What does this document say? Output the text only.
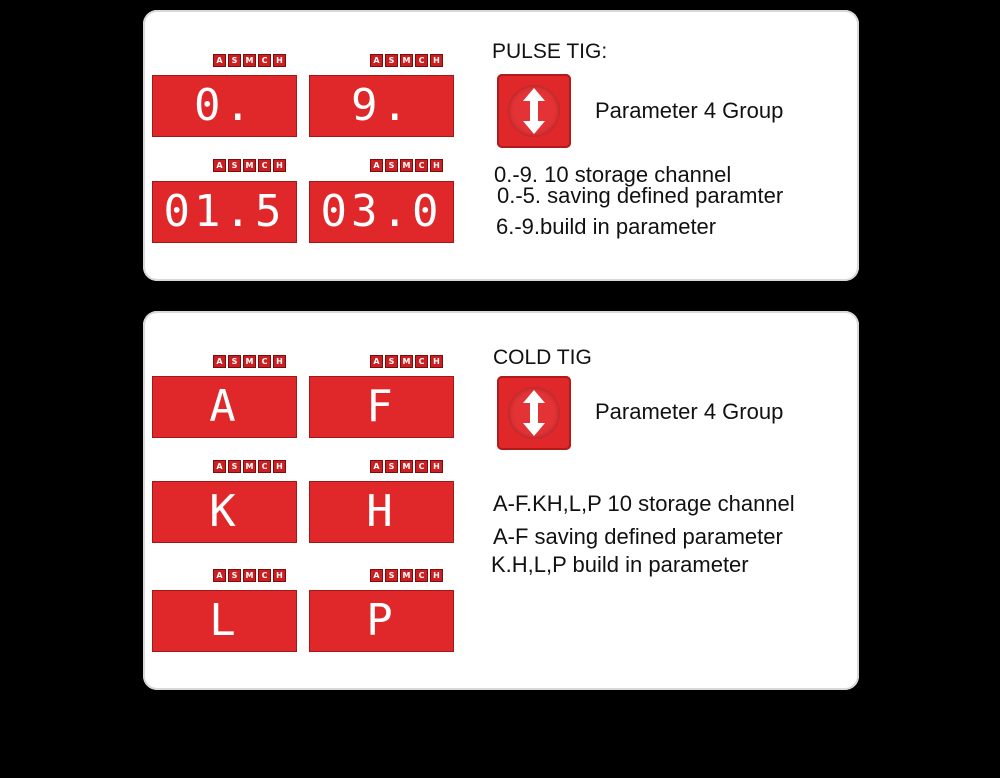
A	S	M	C	H
0.
A	S	M	C	H
9.
A	S	M	C	H
01.5
A	S	M	C	H
03.0
PULSE TIG:
Parameter 4 Group
0.-9. 10 storage channel
0.-5. saving defined paramter
6.-9.build in parameter
A	S	M	C	H
A
A	S	M	C	H
F
A	S	M	C	H
K
A	S	M	C	H
H
A	S	M	C	H
L
A	S	M	C	H
P
COLD TIG
Parameter 4 Group
A-F.KH,L,P 10 storage channel
A-F saving defined parameter
K.H,L,P build in parameter
